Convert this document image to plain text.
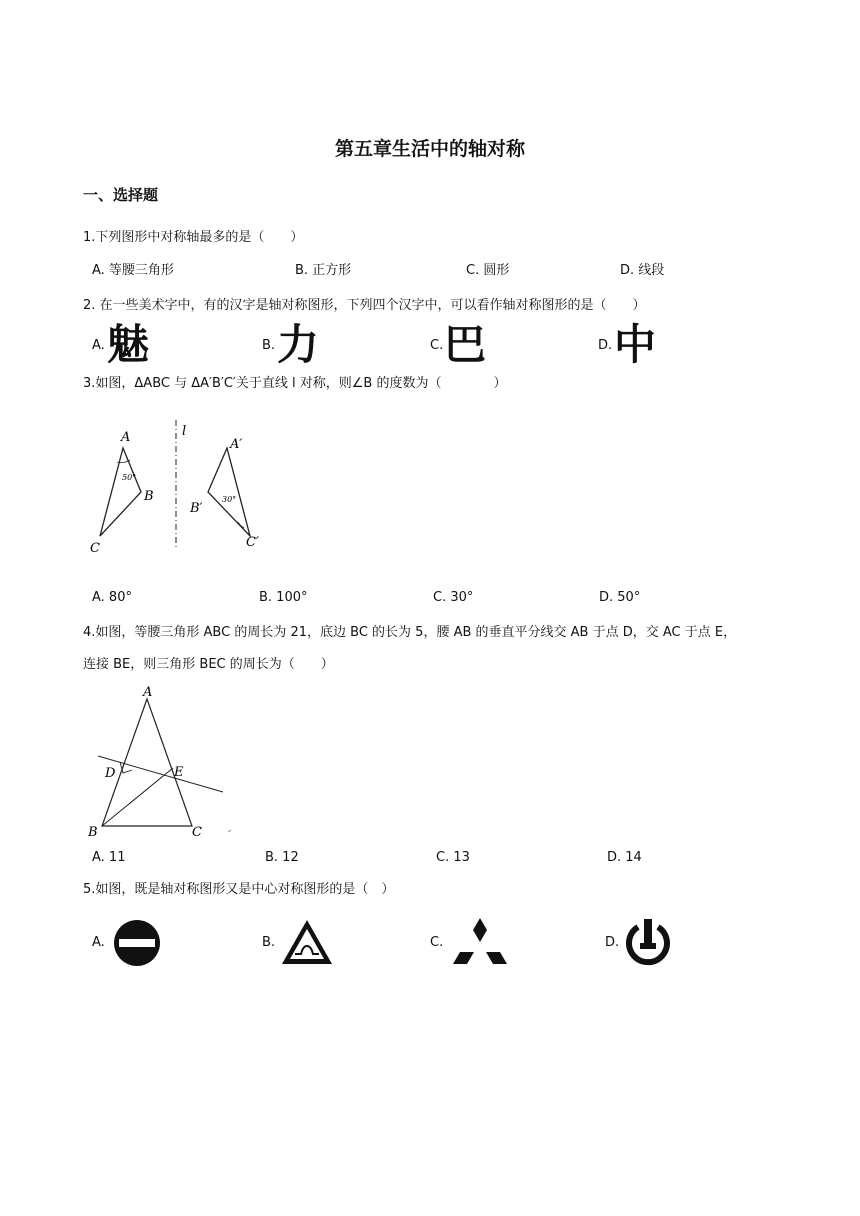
第五章生活中的轴对称
一、选择题
1.下列图形中对称轴最多的是（　　）
A. 等腰三角形	B. 正方形	C. 圆形	D. 线段
2. 在一些美术字中，有的汉字是轴对称图形，下列四个汉字中，可以看作轴对称图形的是（　　）
A. 魅	B. 力	C. 巴	D. 中
3.如图，ΔABC 与 ΔA′B′C′关于直线 l 对称，则∠B 的度数为（　　　　）
50°
A
B
C
l
30°
A′
B′
C′
A. 80°	B. 100°	C. 30°	D. 50°
4.如图，等腰三角形 ABC 的周长为 21，底边 BC 的长为 5，腰 AB 的垂直平分线交 AB 于点 D，交 AC 于点 E，
连接 BE，则三角形 BEC 的周长为（　　）
A
D	E
B	C
A. 11	B. 12	C. 13	D. 14
5.如图，既是轴对称图形又是中心对称图形的是（　）
A.	B.	C.	D.
